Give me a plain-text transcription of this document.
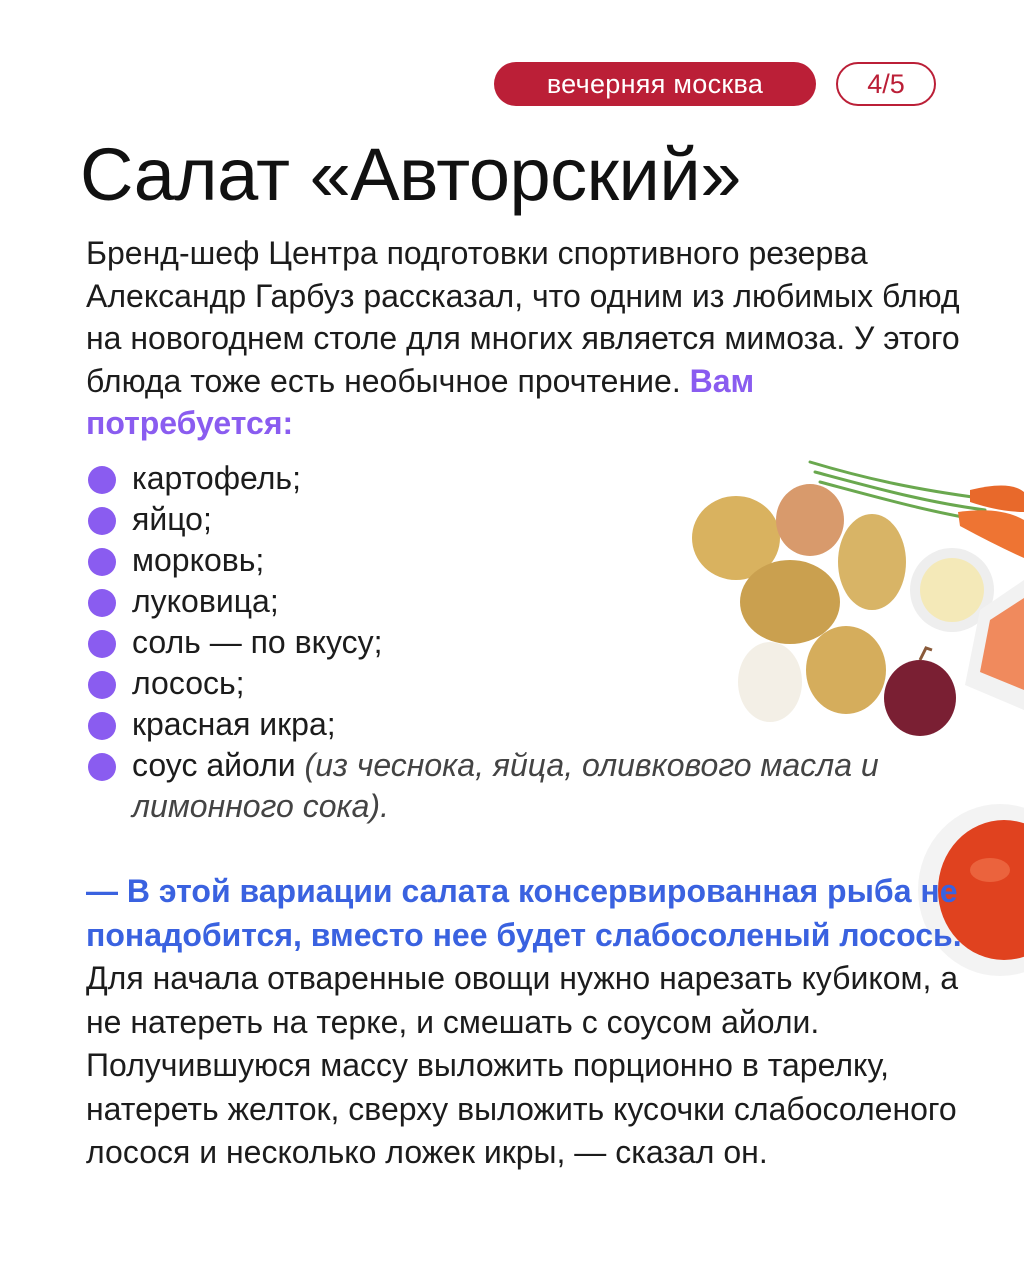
вечерняя москва	4/5
Салат «Авторский»

Бренд-шеф Центра подготовки спортивного резерва Александр Гарбуз рассказал, что одним из любимых блюд на новогоднем столе для многих является мимоза. У этого блюда тоже есть необычное прочтение. Вам потребуется:

картофель;
яйцо;
морковь;
луковица;
соль — по вкусу;
лосось;
красная икра;
соус айоли (из чеснока, яйца, оливкового масла и лимонного сока).

— В этой вариации салата консервированная рыба не понадобится, вместо нее будет слабосоленый лосось. Для начала отваренные овощи нужно нарезать кубиком, а не натереть на терке, и смешать с соусом айоли. Получившуюся массу выложить порционно в тарелку, натереть желток, сверху выложить кусочки слабосоленого лосося и несколько ложек икры, — сказал он.
